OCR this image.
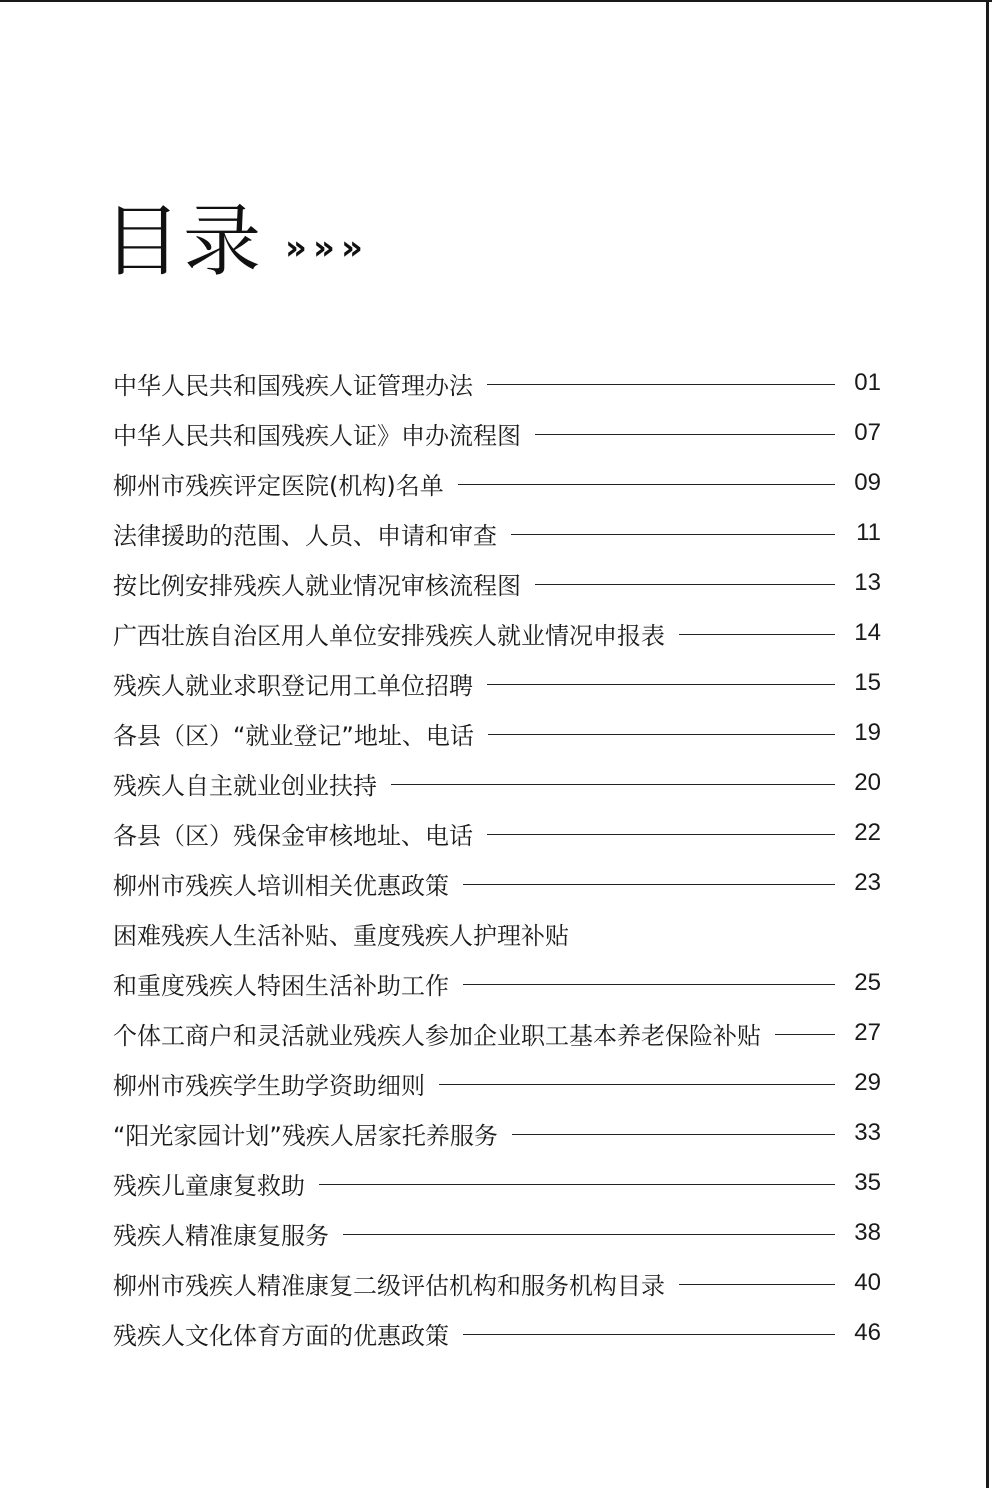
目录 »»»
中华人民共和国残疾人证管理办法	01
中华人民共和国残疾人证》申办流程图	07
柳州市残疾评定医院(机构)名单	09
法律援助的范围、人员、申请和审查	11
按比例安排残疾人就业情况审核流程图	13
广西壮族自治区用人单位安排残疾人就业情况申报表	14
残疾人就业求职登记用工单位招聘	15
各县（区）“就业登记”地址、电话	19
残疾人自主就业创业扶持	20
各县（区）残保金审核地址、电话	22
柳州市残疾人培训相关优惠政策	23
困难残疾人生活补贴、重度残疾人护理补贴
和重度残疾人特困生活补助工作	25
个体工商户和灵活就业残疾人参加企业职工基本养老保险补贴	27
柳州市残疾学生助学资助细则	29
“阳光家园计划”残疾人居家托养服务	33
残疾儿童康复救助	35
残疾人精准康复服务	38
柳州市残疾人精准康复二级评估机构和服务机构目录	40
残疾人文化体育方面的优惠政策	46
